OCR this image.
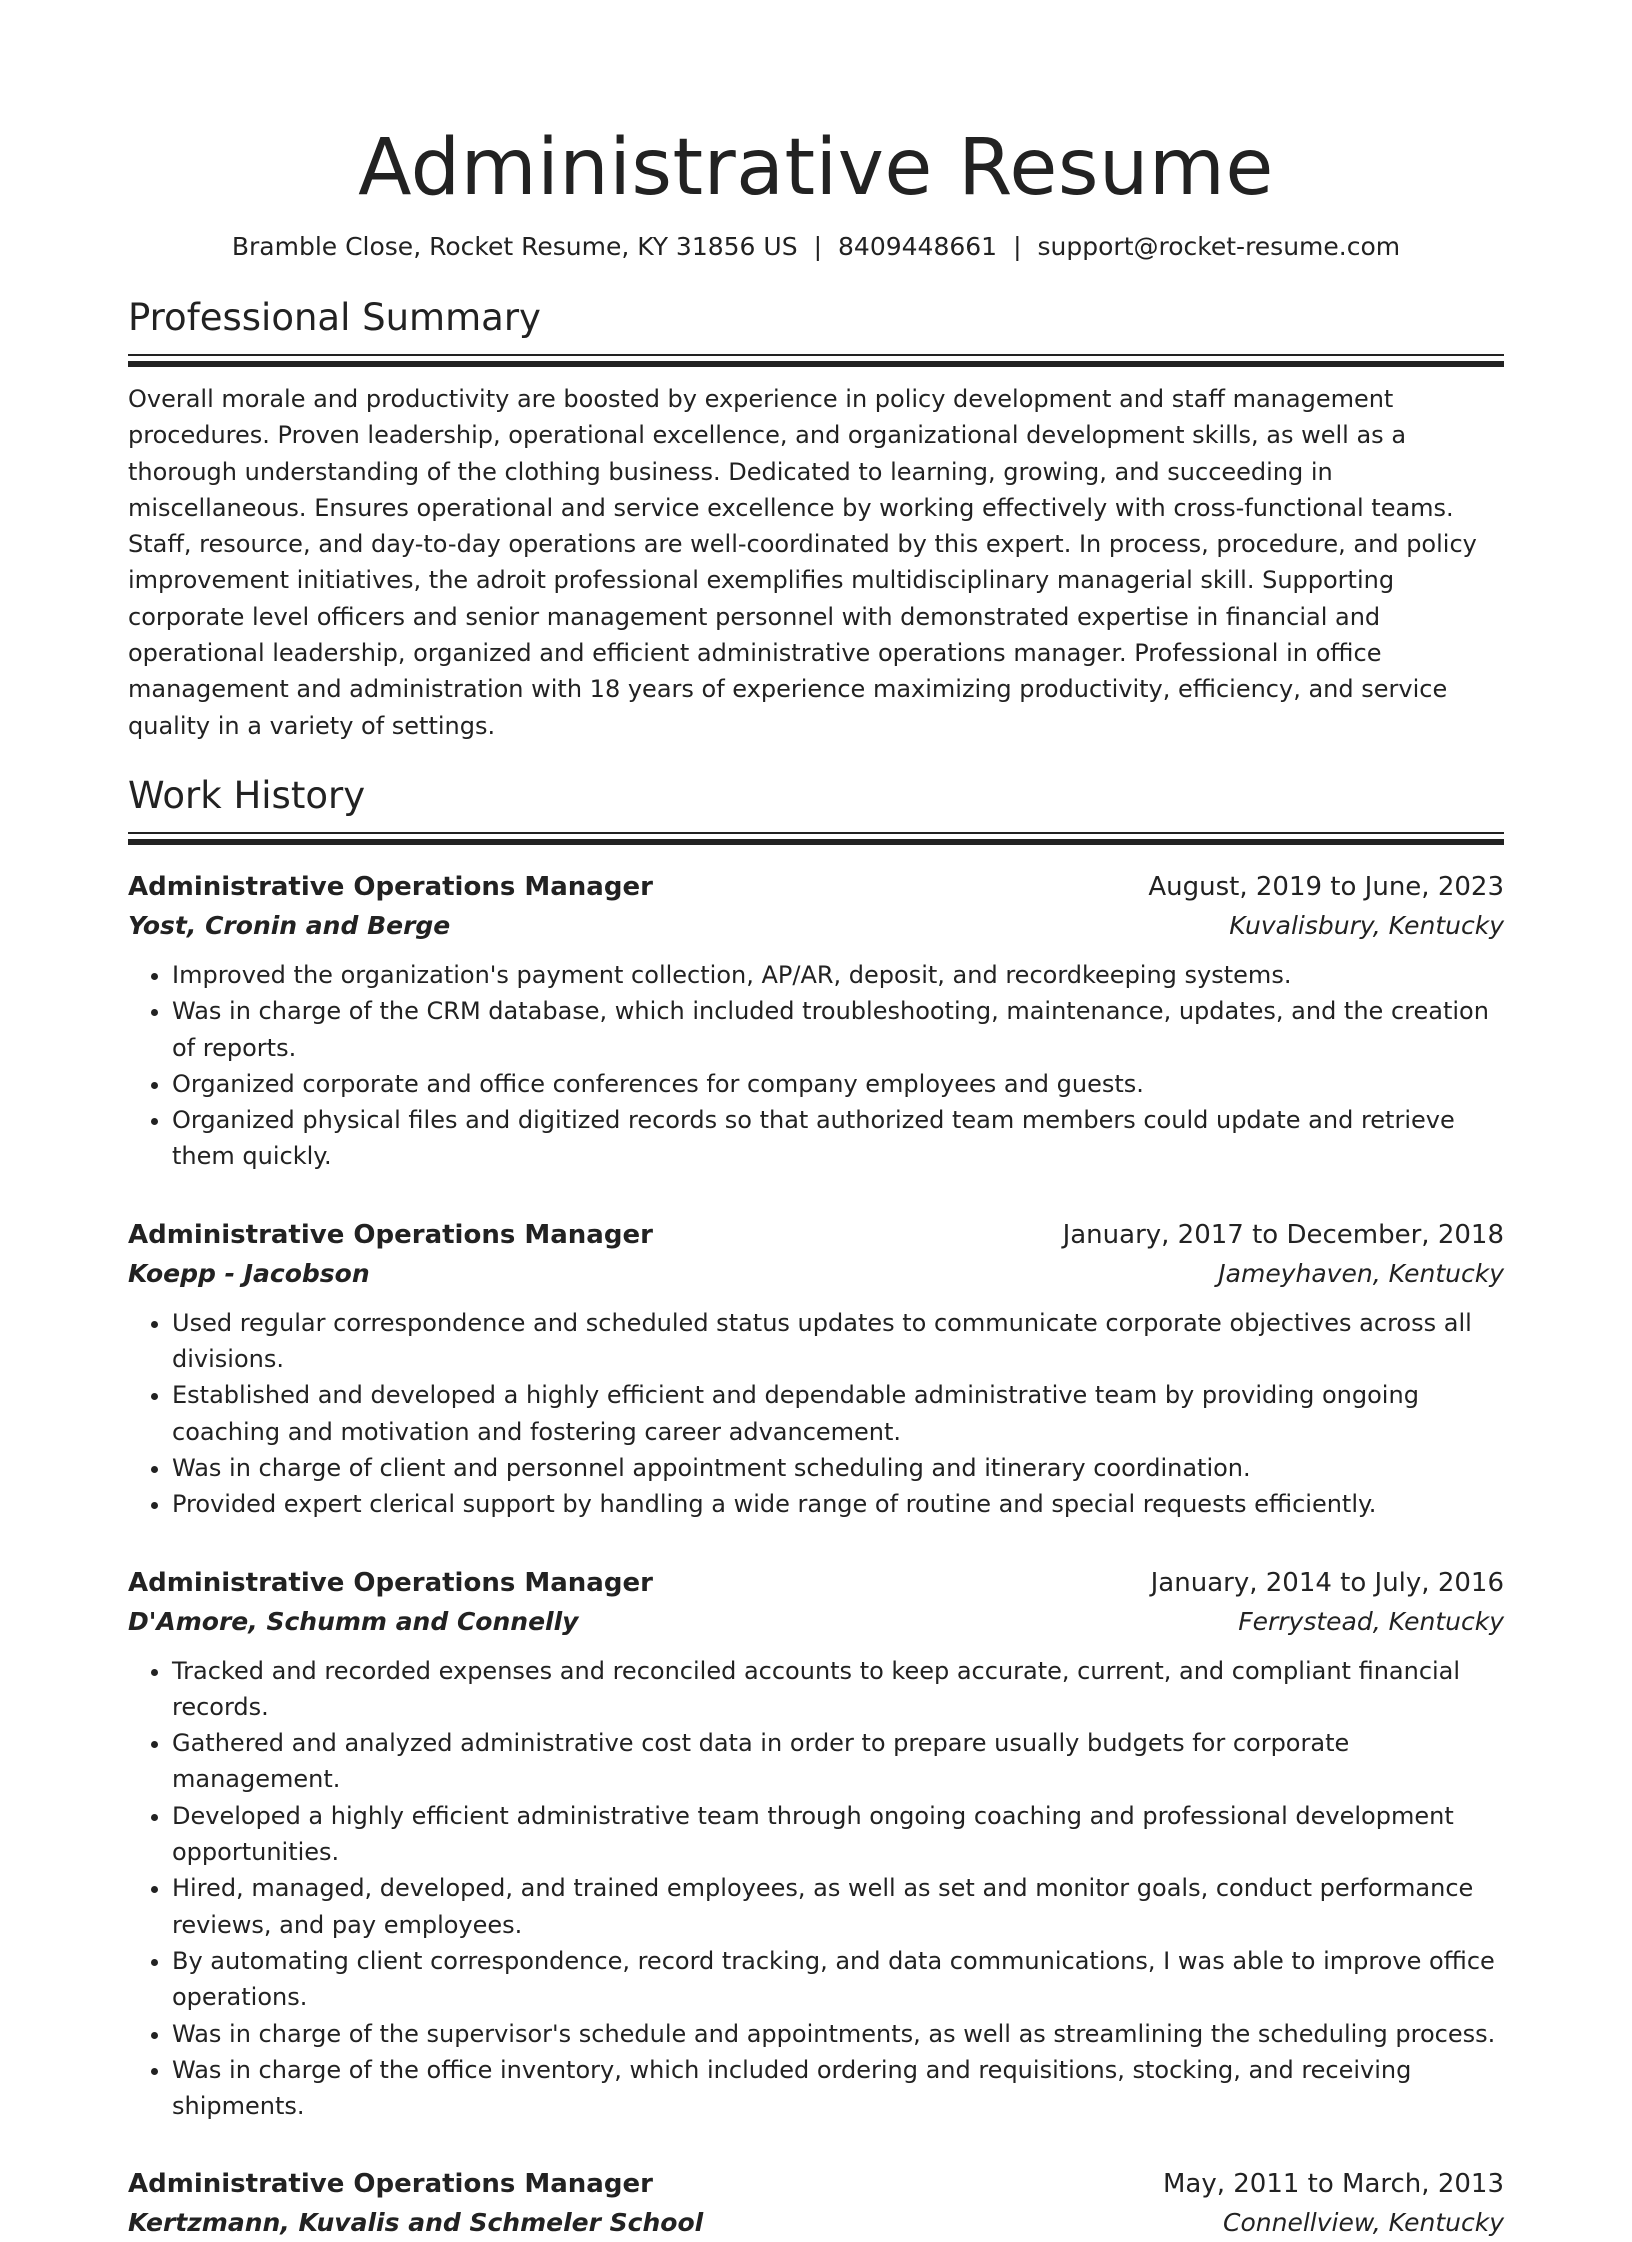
Administrative Resume
Bramble Close, Rocket Resume, KY 31856 US | 8409448661 | support@rocket-resume.com
Professional Summary
Overall morale and productivity are boosted by experience in policy development and staff management procedures. Proven leadership, operational excellence, and organizational development skills, as well as a thorough understanding of the clothing business. Dedicated to learning, growing, and succeeding in miscellaneous. Ensures operational and service excellence by working effectively with cross-functional teams. Staff, resource, and day-to-day operations are well-coordinated by this expert. In process, procedure, and policy improvement initiatives, the adroit professional exemplifies multidisciplinary managerial skill. Supporting corporate level officers and senior management personnel with demonstrated expertise in financial and operational leadership, organized and efficient administrative operations manager. Professional in office management and administration with 18 years of experience maximizing productivity, efficiency, and service quality in a variety of settings.
Work History
Administrative Operations Manager	August, 2019 to June, 2023
Yost, Cronin and Berge	Kuvalisbury, Kentucky
• Improved the organization's payment collection, AP/AR, deposit, and recordkeeping systems.
• Was in charge of the CRM database, which included troubleshooting, maintenance, updates, and the creation of reports.
• Organized corporate and office conferences for company employees and guests.
• Organized physical files and digitized records so that authorized team members could update and retrieve them quickly.
Administrative Operations Manager	January, 2017 to December, 2018
Koepp - Jacobson	Jameyhaven, Kentucky
• Used regular correspondence and scheduled status updates to communicate corporate objectives across all divisions.
• Established and developed a highly efficient and dependable administrative team by providing ongoing coaching and motivation and fostering career advancement.
• Was in charge of client and personnel appointment scheduling and itinerary coordination.
• Provided expert clerical support by handling a wide range of routine and special requests efficiently.
Administrative Operations Manager	January, 2014 to July, 2016
D'Amore, Schumm and Connelly	Ferrystead, Kentucky
• Tracked and recorded expenses and reconciled accounts to keep accurate, current, and compliant financial records.
• Gathered and analyzed administrative cost data in order to prepare usually budgets for corporate management.
• Developed a highly efficient administrative team through ongoing coaching and professional development opportunities.
• Hired, managed, developed, and trained employees, as well as set and monitor goals, conduct performance reviews, and pay employees.
• By automating client correspondence, record tracking, and data communications, I was able to improve office operations.
• Was in charge of the supervisor's schedule and appointments, as well as streamlining the scheduling process.
• Was in charge of the office inventory, which included ordering and requisitions, stocking, and receiving shipments.
Administrative Operations Manager	May, 2011 to March, 2013
Kertzmann, Kuvalis and Schmeler School	Connellview, Kentucky
